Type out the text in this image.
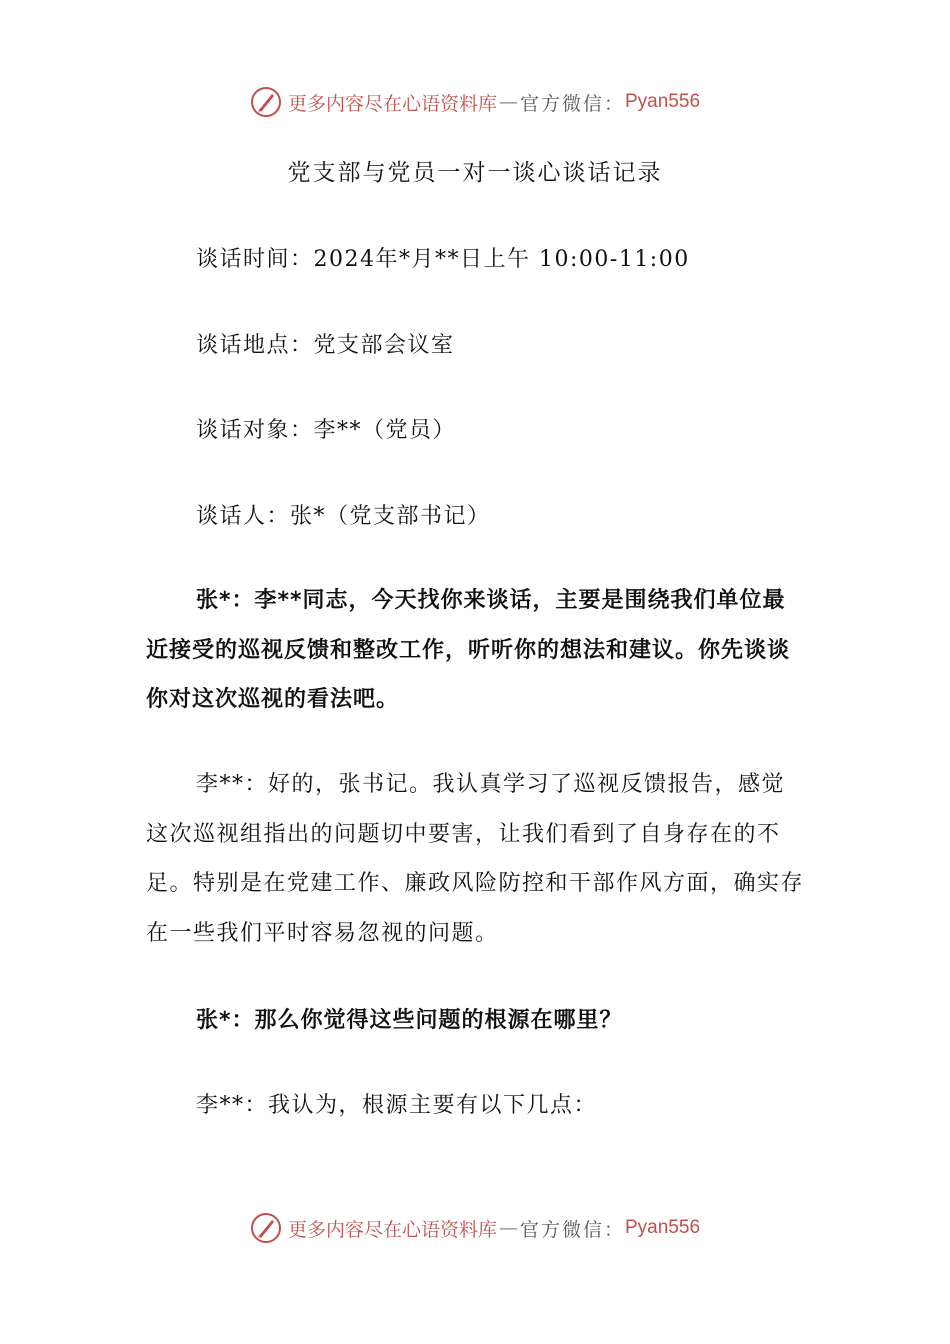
更多内容尽在心语资料库 — 官方微信： Pyan556
党支部与党员一对一谈心谈话记录
谈话时间：2024年*月**日上午 10:00-11:00
谈话地点：党支部会议室
谈话对象：李**（党员）
谈话人：张*（党支部书记）

张*：李**同志，今天找你来谈话，主要是围绕我们单位最近接受的巡视反馈和整改工作，听听你的想法和建议。你先谈谈你对这次巡视的看法吧。

李**：好的，张书记。我认真学习了巡视反馈报告，感觉这次巡视组指出的问题切中要害，让我们看到了自身存在的不足。特别是在党建工作、廉政风险防控和干部作风方面，确实存在一些我们平时容易忽视的问题。

张*：那么你觉得这些问题的根源在哪里？

李**：我认为，根源主要有以下几点：

更多内容尽在心语资料库 — 官方微信： Pyan556
